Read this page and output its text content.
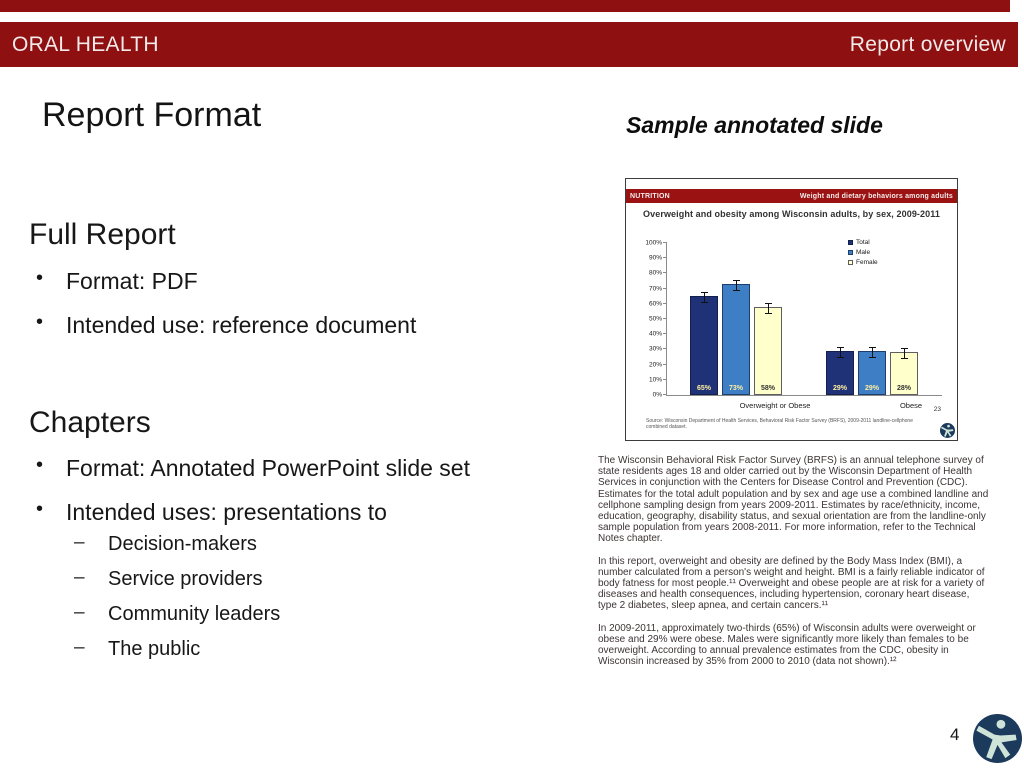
ORAL HEALTH	Report overview
Report Format
Full Report
• Format: PDF
• Intended use: reference document
Chapters
• Format: Annotated PowerPoint slide set
• Intended uses: presentations to
– Decision-makers
– Service providers
– Community leaders
– The public
Sample annotated slide
NUTRITION	Weight and dietary behaviors among adults
Overweight and obesity among Wisconsin adults, by sex, 2009-2011
0%
10%
20%
30%
40%
50%
60%
70%
80%
90%
100%
65%	73%	58%	29%	29%	28%
Overweight or Obese	Obese
Total
Male
Female
Source: Wisconsin Department of Health Services, Behavioral Risk Factor Survey (BRFS), 2009-2011 landline-cellphone combined dataset.
23

The Wisconsin Behavioral Risk Factor Survey (BRFS) is an annual telephone survey of state residents ages 18 and older carried out by the Wisconsin Department of Health Services in conjunction with the Centers for Disease Control and Prevention (CDC). Estimates for the total adult population and by sex and age use a combined landline and cellphone sampling design from years 2009-2011. Estimates by race/ethnicity, income, education, geography, disability status, and sexual orientation are from the landline-only sample population from years 2008-2011. For more information, refer to the Technical Notes chapter.

In this report, overweight and obesity are defined by the Body Mass Index (BMI), a number calculated from a person's weight and height. BMI is a fairly reliable indicator of body fatness for most people.¹¹ Overweight and obese people are at risk for a variety of diseases and health consequences, including hypertension, coronary heart disease, type 2 diabetes, sleep apnea, and certain cancers.¹¹

In 2009-2011, approximately two-thirds (65%) of Wisconsin adults were overweight or obese and 29% were obese. Males were significantly more likely than females to be overweight. According to annual prevalence estimates from the CDC, obesity in Wisconsin increased by 35% from 2000 to 2010 (data not shown).¹²

4
